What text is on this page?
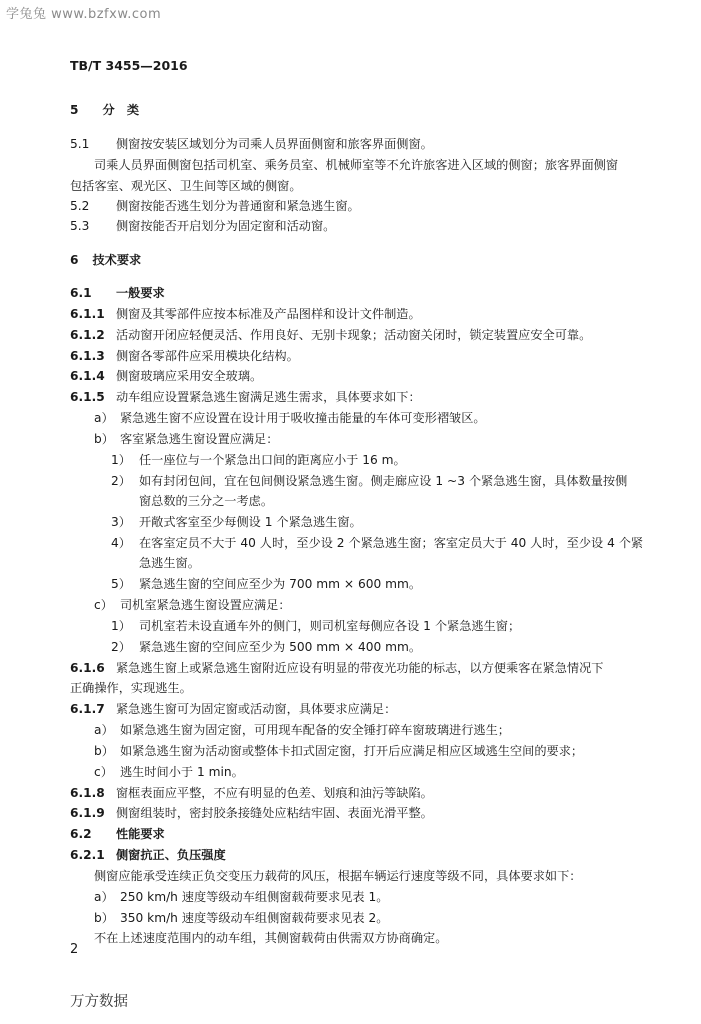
学兔兔 www.bzfxw.com
TB/T 3455—2016
5 分　类
5.1 侧窗按安装区域划分为司乘人员界面侧窗和旅客界面侧窗。
司乘人员界面侧窗包括司机室、乘务员室、机械师室等不允许旅客进入区域的侧窗；旅客界面侧窗
包括客室、观光区、卫生间等区域的侧窗。
5.2 侧窗按能否逃生划分为普通窗和紧急逃生窗。
5.3 侧窗按能否开启划分为固定窗和活动窗。
6 技术要求
6.1 一般要求
6.1.1 侧窗及其零部件应按本标准及产品图样和设计文件制造。
6.1.2 活动窗开闭应轻便灵活、作用良好、无别卡现象；活动窗关闭时，锁定装置应安全可靠。
6.1.3 侧窗各零部件应采用模块化结构。
6.1.4 侧窗玻璃应采用安全玻璃。
6.1.5 动车组应设置紧急逃生窗满足逃生需求，具体要求如下：
a） 紧急逃生窗不应设置在设计用于吸收撞击能量的车体可变形褶皱区。
b） 客室紧急逃生窗设置应满足：
1） 任一座位与一个紧急出口间的距离应小于 16 m。
2） 如有封闭包间，宜在包间侧设紧急逃生窗。侧走廊应设 1 ~3 个紧急逃生窗，具体数量按侧
窗总数的三分之一考虑。
3） 开敞式客室至少每侧设 1 个紧急逃生窗。
4） 在客室定员不大于 40 人时，至少设 2 个紧急逃生窗；客室定员大于 40 人时，至少设 4 个紧
急逃生窗。
5） 紧急逃生窗的空间应至少为 700 mm × 600 mm。
c） 司机室紧急逃生窗设置应满足：
1） 司机室若未设直通车外的侧门，则司机室每侧应各设 1 个紧急逃生窗；
2） 紧急逃生窗的空间应至少为 500 mm × 400 mm。
6.1.6 紧急逃生窗上或紧急逃生窗附近应设有明显的带夜光功能的标志，以方便乘客在紧急情况下
正确操作，实现逃生。
6.1.7 紧急逃生窗可为固定窗或活动窗，具体要求应满足：
a） 如紧急逃生窗为固定窗，可用现车配备的安全锤打碎车窗玻璃进行逃生；
b） 如紧急逃生窗为活动窗或整体卡扣式固定窗，打开后应满足相应区域逃生空间的要求；
c） 逃生时间小于 1 min。
6.1.8 窗框表面应平整，不应有明显的色差、划痕和油污等缺陷。
6.1.9 侧窗组装时，密封胶条接缝处应粘结牢固、表面光滑平整。
6.2 性能要求
6.2.1 侧窗抗正、负压强度
侧窗应能承受连续正负交变压力载荷的风压，根据车辆运行速度等级不同，具体要求如下：
a） 250 km/h 速度等级动车组侧窗载荷要求见表 1。
b） 350 km/h 速度等级动车组侧窗载荷要求见表 2。
不在上述速度范围内的动车组，其侧窗载荷由供需双方协商确定。
2
万方数据
